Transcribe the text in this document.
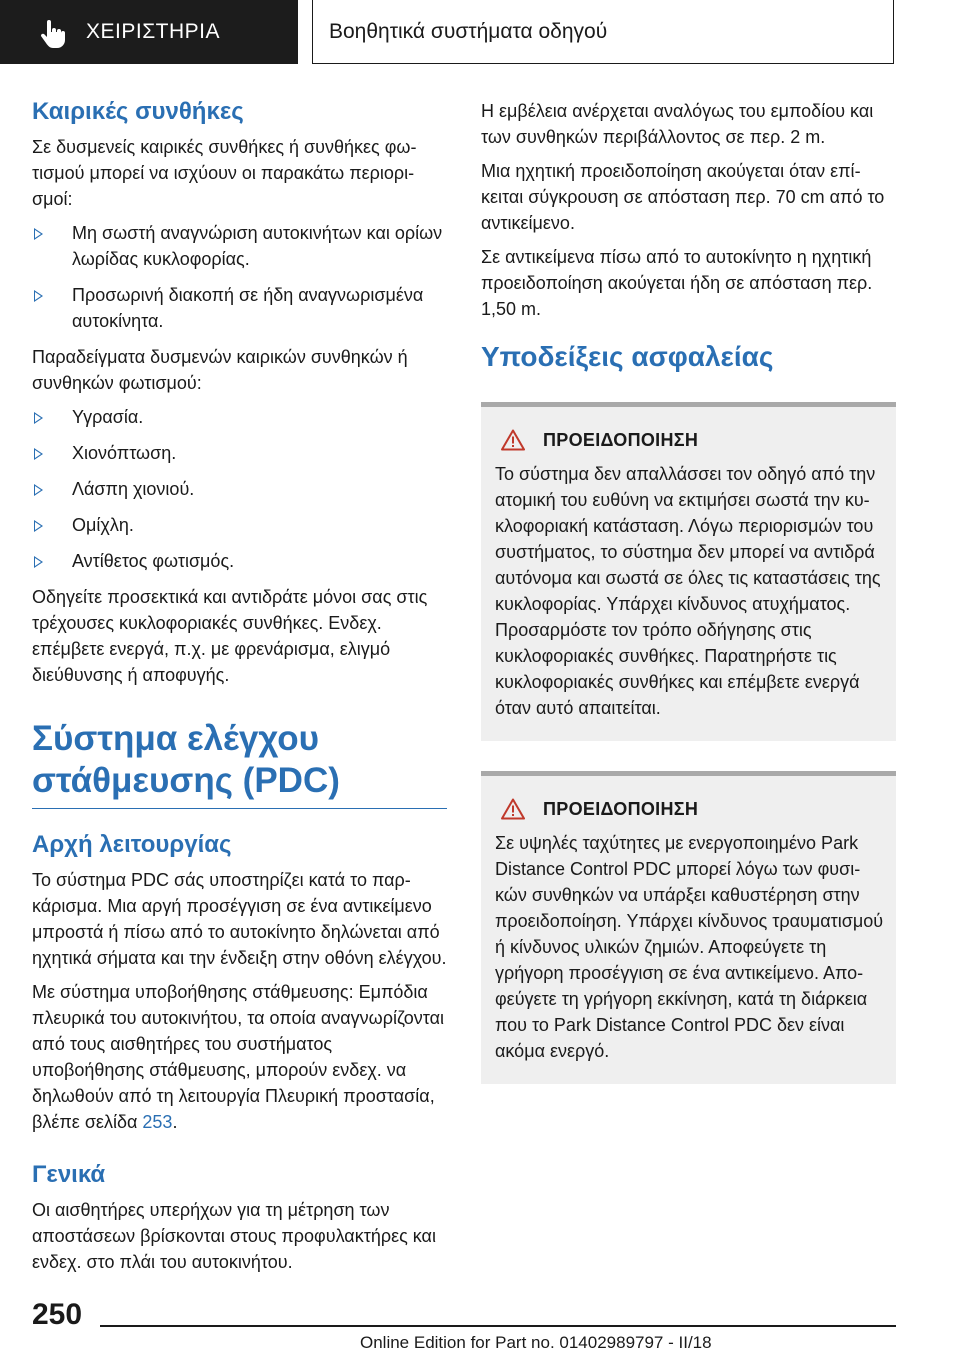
ΧΕΙΡΙΣΤΗΡΙΑ	Βοηθητικά συστήματα οδηγού
Καιρικές συνθήκες

Σε δυσμενείς καιρικές συνθήκες ή συνθήκες φωτισμού μπορεί να ισχύουν οι παρακάτω περιορισμοί:

Μη σωστή αναγνώριση αυτοκινήτων και ορίων λωρίδας κυκλοφορίας.
Προσωρινή διακοπή σε ήδη αναγνωρισμένα αυτοκίνητα.

Παραδείγματα δυσμενών καιρικών συνθηκών ή συνθηκών φωτισμού:

Υγρασία.
Χιονόπτωση.
Λάσπη χιονιού.
Ομίχλη.
Αντίθετος φωτισμός.

Οδηγείτε προσεκτικά και αντιδράτε μόνοι σας στις τρέχουσες κυκλοφοριακές συνθήκες. Ενδεχ. επέμβετε ενεργά, π.χ. με φρενάρισμα, ελιγμό διεύθυνσης ή αποφυγής.

Σύστημα ελέγχου
στάθμευσης (PDC)
Αρχή λειτουργίας

Το σύστημα PDC σάς υποστηρίζει κατά το παρκάρισμα. Μια αργή προσέγγιση σε ένα αντικείμενο μπροστά ή πίσω από το αυτοκίνητο δηλώνεται από ηχητικά σήματα και την ένδειξη στην οθόνη ελέγχου.

Με σύστημα υποβοήθησης στάθμευσης: Εμπόδια πλευρικά του αυτοκινήτου, τα οποία αναγνωρίζονται από τους αισθητήρες του συστήματος υποβοήθησης στάθμευσης, μπορούν ενδεχ. να δηλωθούν από τη λειτουργία Πλευρική προστασία, βλέπε σελίδα 253.

Γενικά

Οι αισθητήρες υπερήχων για τη μέτρηση των αποστάσεων βρίσκονται στους προφυλακτήρες και ενδεχ. στο πλάι του αυτοκινήτου.

Η εμβέλεια ανέρχεται αναλόγως του εμποδίου και των συνθηκών περιβάλλοντος σε περ. 2 m.

Μια ηχητική προειδοποίηση ακούγεται όταν επίκειται σύγκρουση σε απόσταση περ. 70 cm από το αντικείμενο.

Σε αντικείμενα πίσω από το αυτοκίνητο η ηχητική προειδοποίηση ακούγεται ήδη σε απόσταση περ. 1,50 m.

Υποδείξεις ασφαλείας
ΠΡΟΕΙΔΟΠΟΙΗΣΗ

Το σύστημα δεν απαλλάσσει τον οδηγό από την ατομική του ευθύνη να εκτιμήσει σωστά την κυκλοφοριακή κατάσταση. Λόγω περιορισμών του συστήματος, το σύστημα δεν μπορεί να αντιδρά αυτόνομα και σωστά σε όλες τις καταστάσεις της κυκλοφορίας. Υπάρχει κίνδυνος ατυχήματος. Προσαρμόστε τον τρόπο οδήγησης στις κυκλοφοριακές συνθήκες. Παρατηρήστε τις κυκλοφοριακές συνθήκες και επέμβετε ενεργά όταν αυτό απαιτείται.

ΠΡΟΕΙΔΟΠΟΙΗΣΗ

Σε υψηλές ταχύτητες με ενεργοποιημένο Park Distance Control PDC μπορεί λόγω των φυσικών συνθηκών να υπάρξει καθυστέρηση στην προειδοποίηση. Υπάρχει κίνδυνος τραυματισμού ή κίνδυνος υλικών ζημιών. Αποφεύγετε τη γρήγορη προσέγγιση σε ένα αντικείμενο. Αποφεύγετε τη γρήγορη εκκίνηση, κατά τη διάρκεια που το Park Distance Control PDC δεν είναι ακόμα ενεργό.

250
Online Edition for Part no. 01402989797 - II/18
